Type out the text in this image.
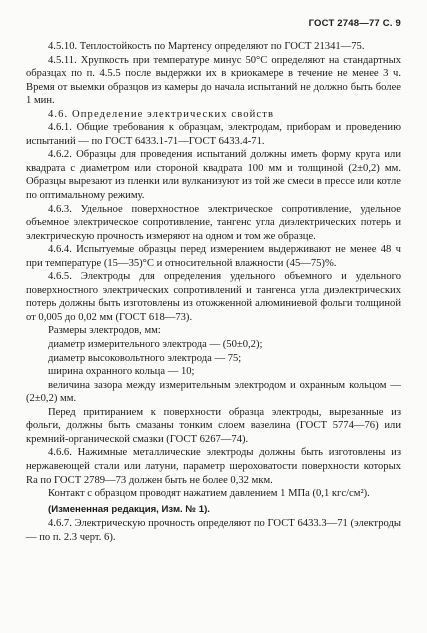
ГОСТ 2748—77 С. 9

4.5.10. Теплостойкость по Мартенсу определяют по ГОСТ 21341—75.

4.5.11. Хрупкость при температуре минус 50°С определяют на стандартных образцах по п. 4.5.5 после выдержки их в криокамере в течение не менее 3 ч. Время от выемки образцов из камеры до начала испытаний не должно быть более 1 мин.

4.6. Определение электрических свойств

4.6.1. Общие требования к образцам, электродам, приборам и проведению испытаний — по ГОСТ 6433.1-71—ГОСТ 6433.4-71.

4.6.2. Образцы для проведения испытаний должны иметь форму круга или квадрата с диаметром или стороной квадрата 100 мм и толщиной (2±0,2) мм. Образцы вырезают из пленки или вулканизуют из той же смеси в прессе или котле по оптимальному режиму.

4.6.3. Удельное поверхностное электрическое сопротивление, удельное объемное электрическое сопротивление, тангенс угла диэлектрических потерь и электрическую прочность измеряют на одном и том же образце.

4.6.4. Испытуемые образцы перед измерением выдерживают не менее 48 ч при температуре (15—35)°С и относительной влажности (45—75)%.

4.6.5. Электроды для определения удельного объемного и удельного поверхностного электрических сопротивлений и тангенса угла диэлектрических потерь должны быть изготовлены из отожженной алюминиевой фольги толщиной от 0,005 до 0,02 мм (ГОСТ 618—73).

Размеры электродов, мм:

диаметр измерительного электрода — (50±0,2);

диаметр высоковольтного электрода — 75;

ширина охранного кольца — 10;

величина зазора между измерительным электродом и охранным кольцом — (2±0,2) мм.

Перед притиранием к поверхности образца электроды, вырезанные из фольги, должны быть смазаны тонким слоем вазелина (ГОСТ 5774—76) или кремний-органической смазки (ГОСТ 6267—74).

4.6.6. Нажимные металлические электроды должны быть изготовлены из нержавеющей стали или латуни, параметр шероховатости поверхности которых Ra по ГОСТ 2789—73 должен быть не более 0,32 мкм.

Контакт с образцом проводят нажатием давлением 1 МПа (0,1 кгс/см²).

(Измененная редакция, Изм. № 1).

4.6.7. Электрическую прочность определяют по ГОСТ 6433.3—71 (электроды — по п. 2.3 черт. 6).
